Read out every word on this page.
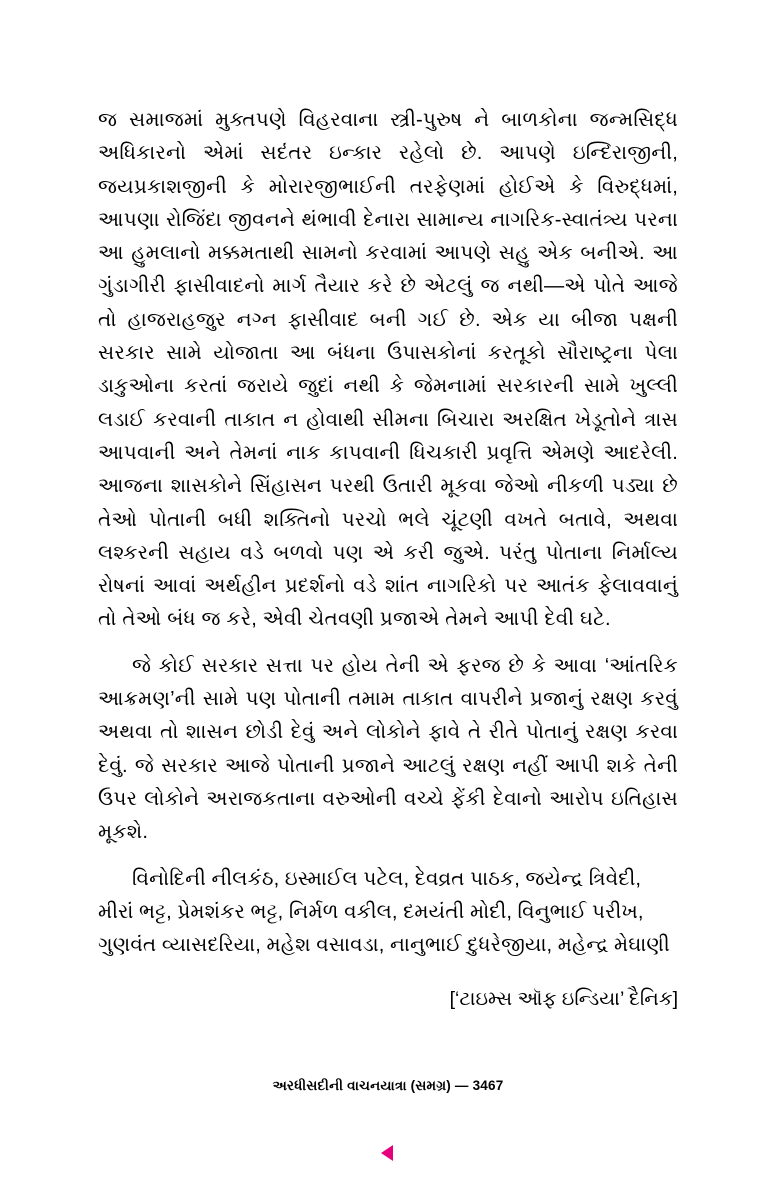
જ સમાજમાં મુક્તપણે વિહરવાના સ્ત્રી-પુરુષ ને બાળકોના જન્મસિદ્ધ અધિકારનો એમાં સદંતર ઇન્કાર રહેલો છે. આપણે ઇન્દિરાજીની, જયપ્રકાશજીની કે મોરારજીભાઈની તરફેણમાં હોઈએ કે વિરુદ્ધમાં, આપણા રોજિંદા જીવનને થંભાવી દેનારા સામાન્ય નાગરિક-સ્વાતંત્ર્ય પરના આ હુમલાનો મક્કમતાથી સામનો કરવામાં આપણે સહુ એક બનીએ. આ ગુંડાગીરી ફાસીવાદનો માર્ગ તૈયાર કરે છે એટલું જ નથી—એ પોતે આજે તો હાજરાહજુર નગ્ન ફાસીવાદ બની ગઈ છે. એક યા બીજા પક્ષની સરકાર સામે યોજાતા આ બંધના ઉપાસકોનાં કરતૂકો સૌરાષ્ટ્રના પેલા ડાકુઓના કરતાં જરાયે જુદાં નથી કે જેમનામાં સરકારની સામે ખુલ્લી લડાઈ કરવાની તાકાત ન હોવાથી સીમના બિચારા અરક્ષિત ખેડૂતોને ત્રાસ આપવાની અને તેમનાં નાક કાપવાની ધિચકારી પ્રવૃત્તિ એમણે આદરેલી. આજના શાસકોને સિંહાસન પરથી ઉતારી મૂકવા જેઓ નીકળી પડ્યા છે તેઓ પોતાની બધી શક્તિનો પરચો ભલે ચૂંટણી વખતે બતાવે, અથવા લશ્કરની સહાય વડે બળવો પણ એ કરી જુએ. પરંતુ પોતાના નિર્માલ્ય રોષનાં આવાં અર્થહીન પ્રદર્શનો વડે શાંત નાગરિકો પર આતંક ફેલાવવાનું તો તેઓ બંધ જ કરે, એવી ચેતવણી પ્રજાએ તેમને આપી દેવી ઘટે.

જે કોઈ સરકાર સત્તા પર હોય તેની એ ફરજ છે કે આવા ‘આંતરિક આક્રમણ’ની સામે પણ પોતાની તમામ તાકાત વાપરીને પ્રજાનું રક્ષણ કરવું અથવા તો શાસન છોડી દેવું અને લોકોને ફાવે તે રીતે પોતાનું રક્ષણ કરવા દેવું. જે સરકાર આજે પોતાની પ્રજાને આટલું રક્ષણ નહીં આપી શકે તેની ઉપર લોકોને અરાજકતાના વરુઓની વચ્ચે ફેંકી દેવાનો આરોપ ઇતિહાસ મૂકશે.

વિનોદિની નીલકંઠ, ઇસ્માઈલ પટેલ, દેવવ્રત પાઠક, જયેન્દ્ર ત્રિવેદી, મીરાં ભટ્ટ, પ્રેમશંકર ભટ્ટ, નિર્મળ વકીલ, દમયંતી મોદી, વિનુભાઈ પરીખ, ગુણવંત વ્યાસદરિયા, મહેશ વસાવડા, નાનુભાઈ દુધરેજીયા, મહેન્દ્ર મેઘાણી

[‘ટાઇમ્સ ઑફ ઇન્ડિયા’ દૈનિક]

અરધીસદીની વાચનયાત્રા (સમગ્ર) — 3467
